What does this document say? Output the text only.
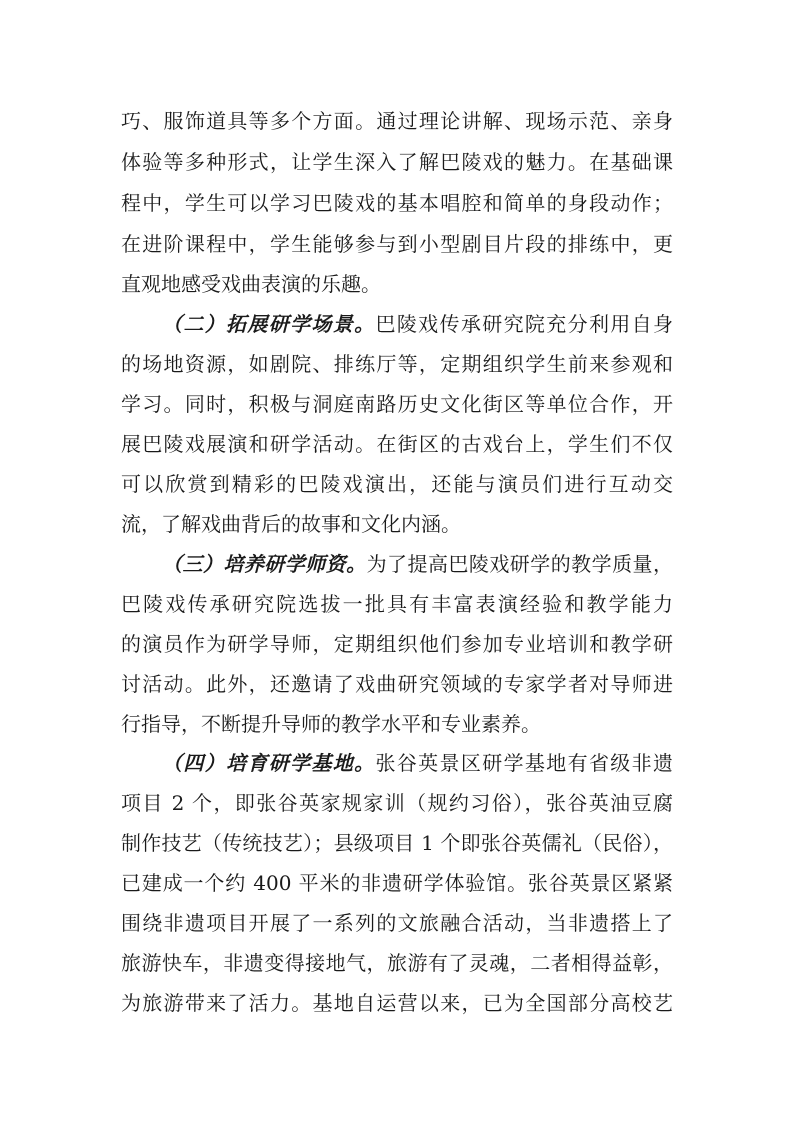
巧、服饰道具等多个方面。通过理论讲解、现场示范、亲身
体验等多种形式，让学生深入了解巴陵戏的魅力。在基础课
程中，学生可以学习巴陵戏的基本唱腔和简单的身段动作；
在进阶课程中，学生能够参与到小型剧目片段的排练中，更
直观地感受戏曲表演的乐趣。
（二）拓展研学场景。巴陵戏传承研究院充分利用自身
的场地资源，如剧院、排练厅等，定期组织学生前来参观和
学习。同时，积极与洞庭南路历史文化街区等单位合作，开
展巴陵戏展演和研学活动。在街区的古戏台上，学生们不仅
可以欣赏到精彩的巴陵戏演出，还能与演员们进行互动交
流，了解戏曲背后的故事和文化内涵。
（三）培养研学师资。为了提高巴陵戏研学的教学质量，
巴陵戏传承研究院选拔一批具有丰富表演经验和教学能力
的演员作为研学导师，定期组织他们参加专业培训和教学研
讨活动。此外，还邀请了戏曲研究领域的专家学者对导师进
行指导，不断提升导师的教学水平和专业素养。
（四）培育研学基地。张谷英景区研学基地有省级非遗
项目 2 个，即张谷英家规家训（规约习俗），张谷英油豆腐
制作技艺（传统技艺）；县级项目 1 个即张谷英儒礼（民俗），
已建成一个约 400 平米的非遗研学体验馆。张谷英景区紧紧
围绕非遗项目开展了一系列的文旅融合活动，当非遗搭上了
旅游快车，非遗变得接地气，旅游有了灵魂，二者相得益彰，
为旅游带来了活力。基地自运营以来，已为全国部分高校艺
